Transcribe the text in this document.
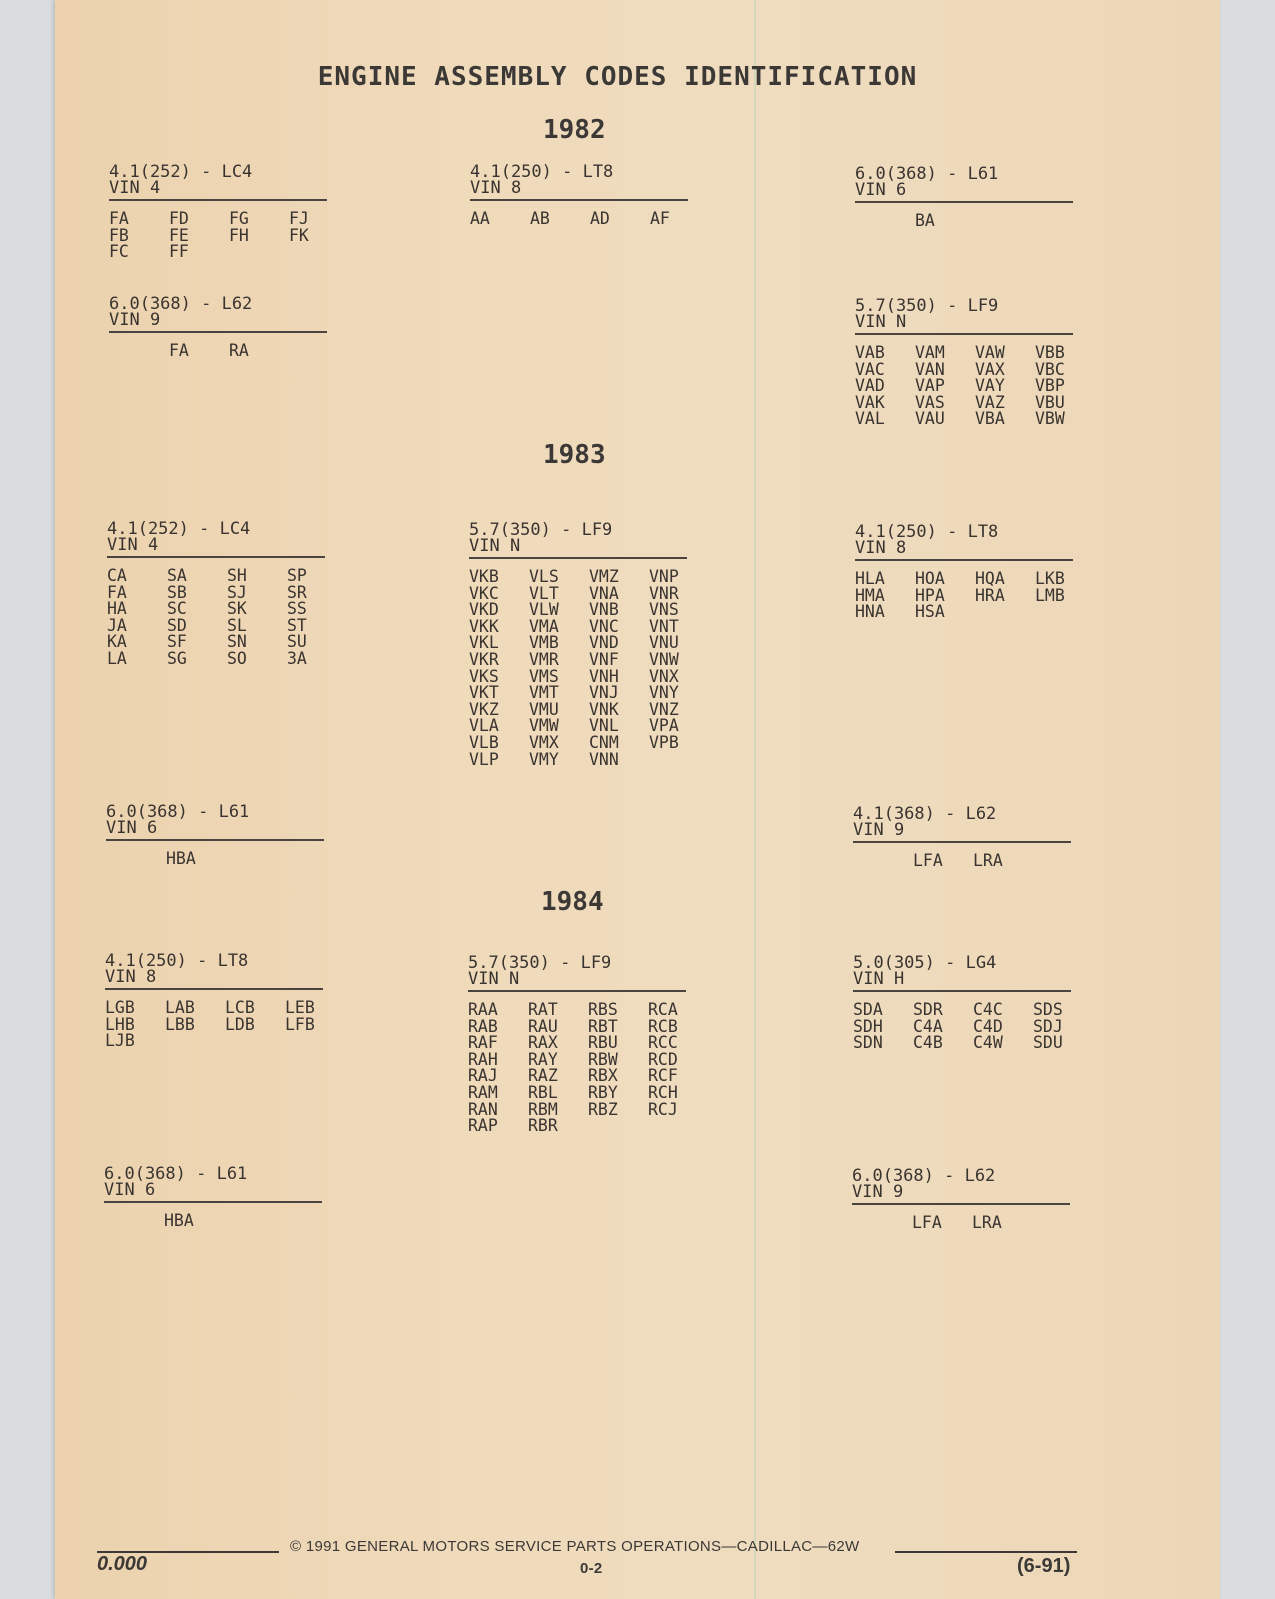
ENGINE ASSEMBLY CODES IDENTIFICATION
1982
1983
1984
4.1(252) - LC4
VIN 4
FA	FD	FG	FJ
FB	FE	FH	FK
FC	FF
4.1(250) - LT8
VIN 8
AA	AB	AD	AF
6.0(368) - L61
VIN 6
BA
6.0(368) - L62
VIN 9
FA	RA
5.7(350) - LF9
VIN N
VAB	VAM	VAW	VBB
VAC	VAN	VAX	VBC
VAD	VAP	VAY	VBP
VAK	VAS	VAZ	VBU
VAL	VAU	VBA	VBW
4.1(252) - LC4
VIN 4
CA	SA	SH	SP
FA	SB	SJ	SR
HA	SC	SK	SS
JA	SD	SL	ST
KA	SF	SN	SU
LA	SG	SO	3A
5.7(350) - LF9
VIN N
VKB	VLS	VMZ	VNP
VKC	VLT	VNA	VNR
VKD	VLW	VNB	VNS
VKK	VMA	VNC	VNT
VKL	VMB	VND	VNU
VKR	VMR	VNF	VNW
VKS	VMS	VNH	VNX
VKT	VMT	VNJ	VNY
VKZ	VMU	VNK	VNZ
VLA	VMW	VNL	VPA
VLB	VMX	CNM	VPB
VLP	VMY	VNN
4.1(250) - LT8
VIN 8
HLA	HOA	HQA	LKB
HMA	HPA	HRA	LMB
HNA	HSA
6.0(368) - L61
VIN 6
HBA
4.1(368) - L62
VIN 9
LFA	LRA
4.1(250) - LT8
VIN 8
LGB	LAB	LCB	LEB
LHB	LBB	LDB	LFB
LJB
5.7(350) - LF9
VIN N
RAA	RAT	RBS	RCA
RAB	RAU	RBT	RCB
RAF	RAX	RBU	RCC
RAH	RAY	RBW	RCD
RAJ	RAZ	RBX	RCF
RAM	RBL	RBY	RCH
RAN	RBM	RBZ	RCJ
RAP	RBR
5.0(305) - LG4
VIN H
SDA	SDR	C4C	SDS
SDH	C4A	C4D	SDJ
SDN	C4B	C4W	SDU
6.0(368) - L61
VIN 6
HBA
6.0(368) - L62
VIN 9
LFA	LRA
© 1991 GENERAL MOTORS SERVICE PARTS OPERATIONS—CADILLAC—62W
0.000	0-2	(6-91)
